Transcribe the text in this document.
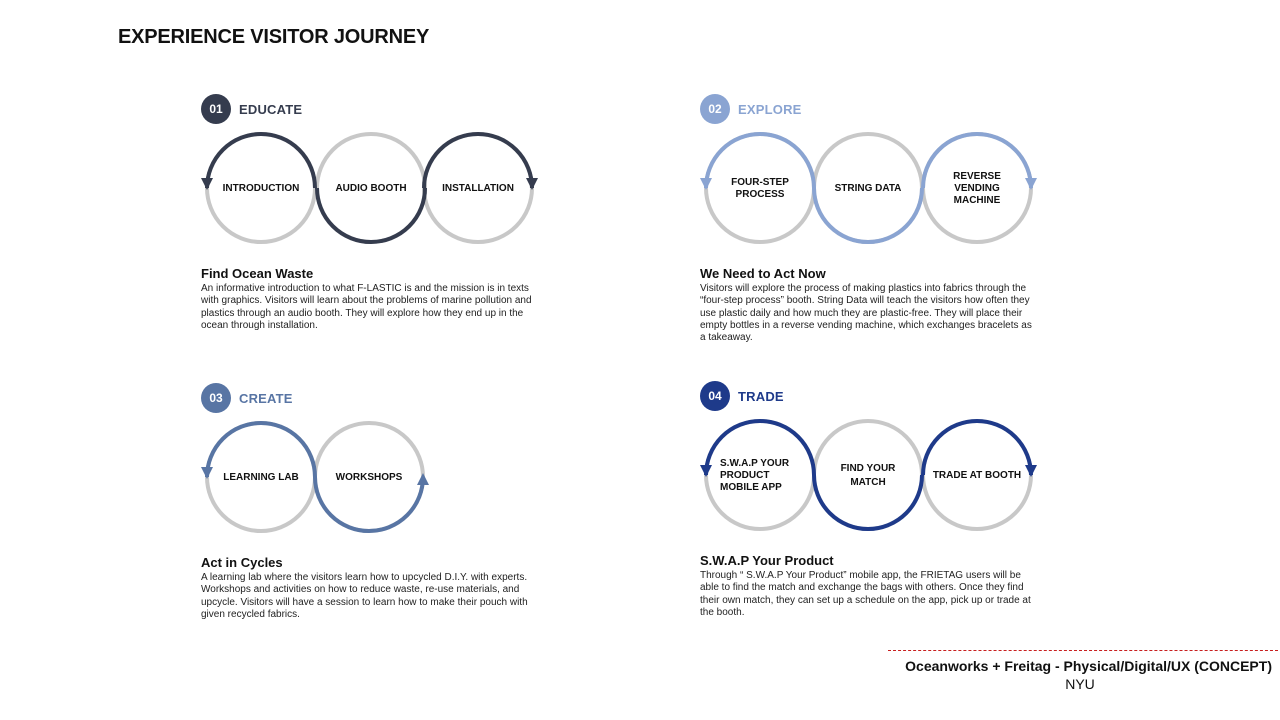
EXPERIENCE VISITOR JOURNEY
01	EDUCATE
INTRODUCTION	AUDIO BOOTH	INSTALLATION
Find Ocean Waste
An informative introduction to what F-LASTIC is and the mission is in texts with graphics. Visitors will learn about the problems of marine pollution and plastics through an audio booth. They will explore how they end up in the ocean through installation.
02	EXPLORE
FOUR-STEP PROCESS
STRING DATA
REVERSE VENDING MACHINE
We Need to Act Now
Visitors will explore the process of making plastics into fabrics through the “four-step process” booth. String Data will teach the visitors how often they use plastic daily and how much they are plastic-free. They will place their empty bottles in a reverse vending machine, which exchanges bracelets as a takeaway.
03	CREATE
LEARNING LAB	WORKSHOPS
Act in Cycles
A learning lab where the visitors learn how to upcycled D.I.Y. with experts. Workshops and activities on how to reduce waste, re-use materials, and upcycle. Visitors will have a session to learn how to make their pouch with given recycled fabrics.
04	TRADE
S.W.A.P YOUR PRODUCT MOBILE APP
FIND YOUR MATCH
TRADE AT BOOTH
S.W.A.P Your Product
Through “ S.W.A.P Your Product” mobile app, the FRIETAG users will be able to find the match and exchange the bags with others. Once they find their own match, they can set up a schedule on the app, pick up or trade at the booth.
Oceanworks + Freitag - Physical/Digital/UX (CONCEPT)
NYU
